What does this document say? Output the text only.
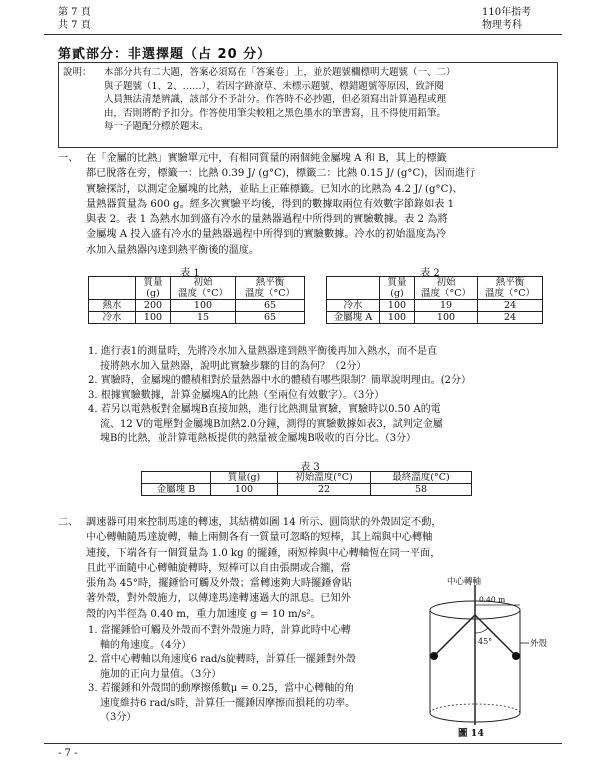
第 7 頁
共 7 頁
110年指考
物理考科
第貳部分：非選擇題（占 20 分）
說明： 本部分共有二大題，答案必須寫在「答案卷」上，並於題號欄標明大題號（一、二）

與子題號（1、2、……），若因字跡潦草、未標示題號、標錯題號等原因，致評閱

人員無法清楚辨識，該部分不予計分。作答時不必抄題，但必須寫出計算過程或理

由，否則將酌予扣分。作答使用筆尖較粗之黑色墨水的筆書寫，且不得使用鉛筆。

每一子題配分標於題末。

一、 在「金屬的比熱」實驗單元中，有相同質量的兩個純金屬塊 A 和 B，其上的標籤

都已脫落在旁，標籤一：比熱 0.39 J/ (g°C)，標籤二：比熱 0.15 J/ (g°C)，因而進行

實驗探討，以測定金屬塊的比熱，並貼上正確標籤。已知水的比熱為 4.2 J/ (g°C)、

量熱器質量為 600 g。經多次實驗平均後，得到的數據取兩位有效數字節錄如表 1

與表 2。表 1 為熱水加到盛有冷水的量熱器過程中所得到的實驗數據。表 2 為將

金屬塊 A 投入盛有冷水的量熱器過程中所得到的實驗數據。冷水的初始溫度為冷

水加入量熱器內達到熱平衡後的溫度。

表 1
	質量	初始	熱平衡
	(g)	溫度（°C）	溫度（°C）
熱水	200	100	65
冷水	100	15	65
表 2
	質量	初始	熱平衡
	(g)	溫度（°C）	溫度（°C）
冷水	100	19	24
金屬塊 A	100	100	24

1. 進行表1的測量時，先將冷水加入量熱器達到熱平衡後再加入熱水，而不是直

接將熱水加入量熱器，說明此實驗步驟的目的為何？（2分）

2. 實驗時，金屬塊的體積相對於量熱器中水的體積有哪些限制？簡單說明理由。(2分）

3. 根據實驗數據，計算金屬塊A的比熱（至兩位有效數字）。（3分）

4. 若另以電熱板對金屬塊B直接加熱，進行比熱測量實驗，實驗時以0.50 A的電

流、12 V的電壓對金屬塊B加熱2.0分鐘，測得的實驗數據如表3，試判定金屬

塊B的比熱，並計算電熱板提供的熱量被金屬塊B吸收的百分比。（3分）

表 3
	質量(g)	初始溫度(°C)	最終溫度(°C)
金屬塊 B	100	22	58
二、 調速器可用來控制馬達的轉速，其結構如圖 14 所示、圓筒狀的外殼固定不動，

中心轉軸隨馬達旋轉，軸上兩側各有一質量可忽略的短棒，其上端與中心轉軸

連接，下端各有一個質量為 1.0 kg 的擺錘，兩短棒與中心轉軸恆在同一平面，

且此平面隨中心轉軸旋轉時，短棒可以自由張開或合攏，當

張角為 45°時，擺錘恰可觸及外殼；當轉速夠大時擺錘會貼

著外殼，對外殼施力，以傳達馬達轉速過大的訊息。已知外

殼的內半徑為 0.40 m，重力加速度 g = 10 m/s²。

1. 當擺錘恰可觸及外殼而不對外殼施力時，計算此時中心轉

軸的角速度。（4分）

2. 當中心轉軸以角速度6 rad/s旋轉時，計算任一擺錘對外殼

施加的正向力量值。（3分）

3. 若擺錘和外殼間的動摩擦係數μ = 0.25，當中心轉軸的角

速度維持6 rad/s時，計算任一擺錘因摩擦而損耗的功率。

（3分）

中心轉軸
0.40 m
45°	外殼
圖 14
- 7 -
